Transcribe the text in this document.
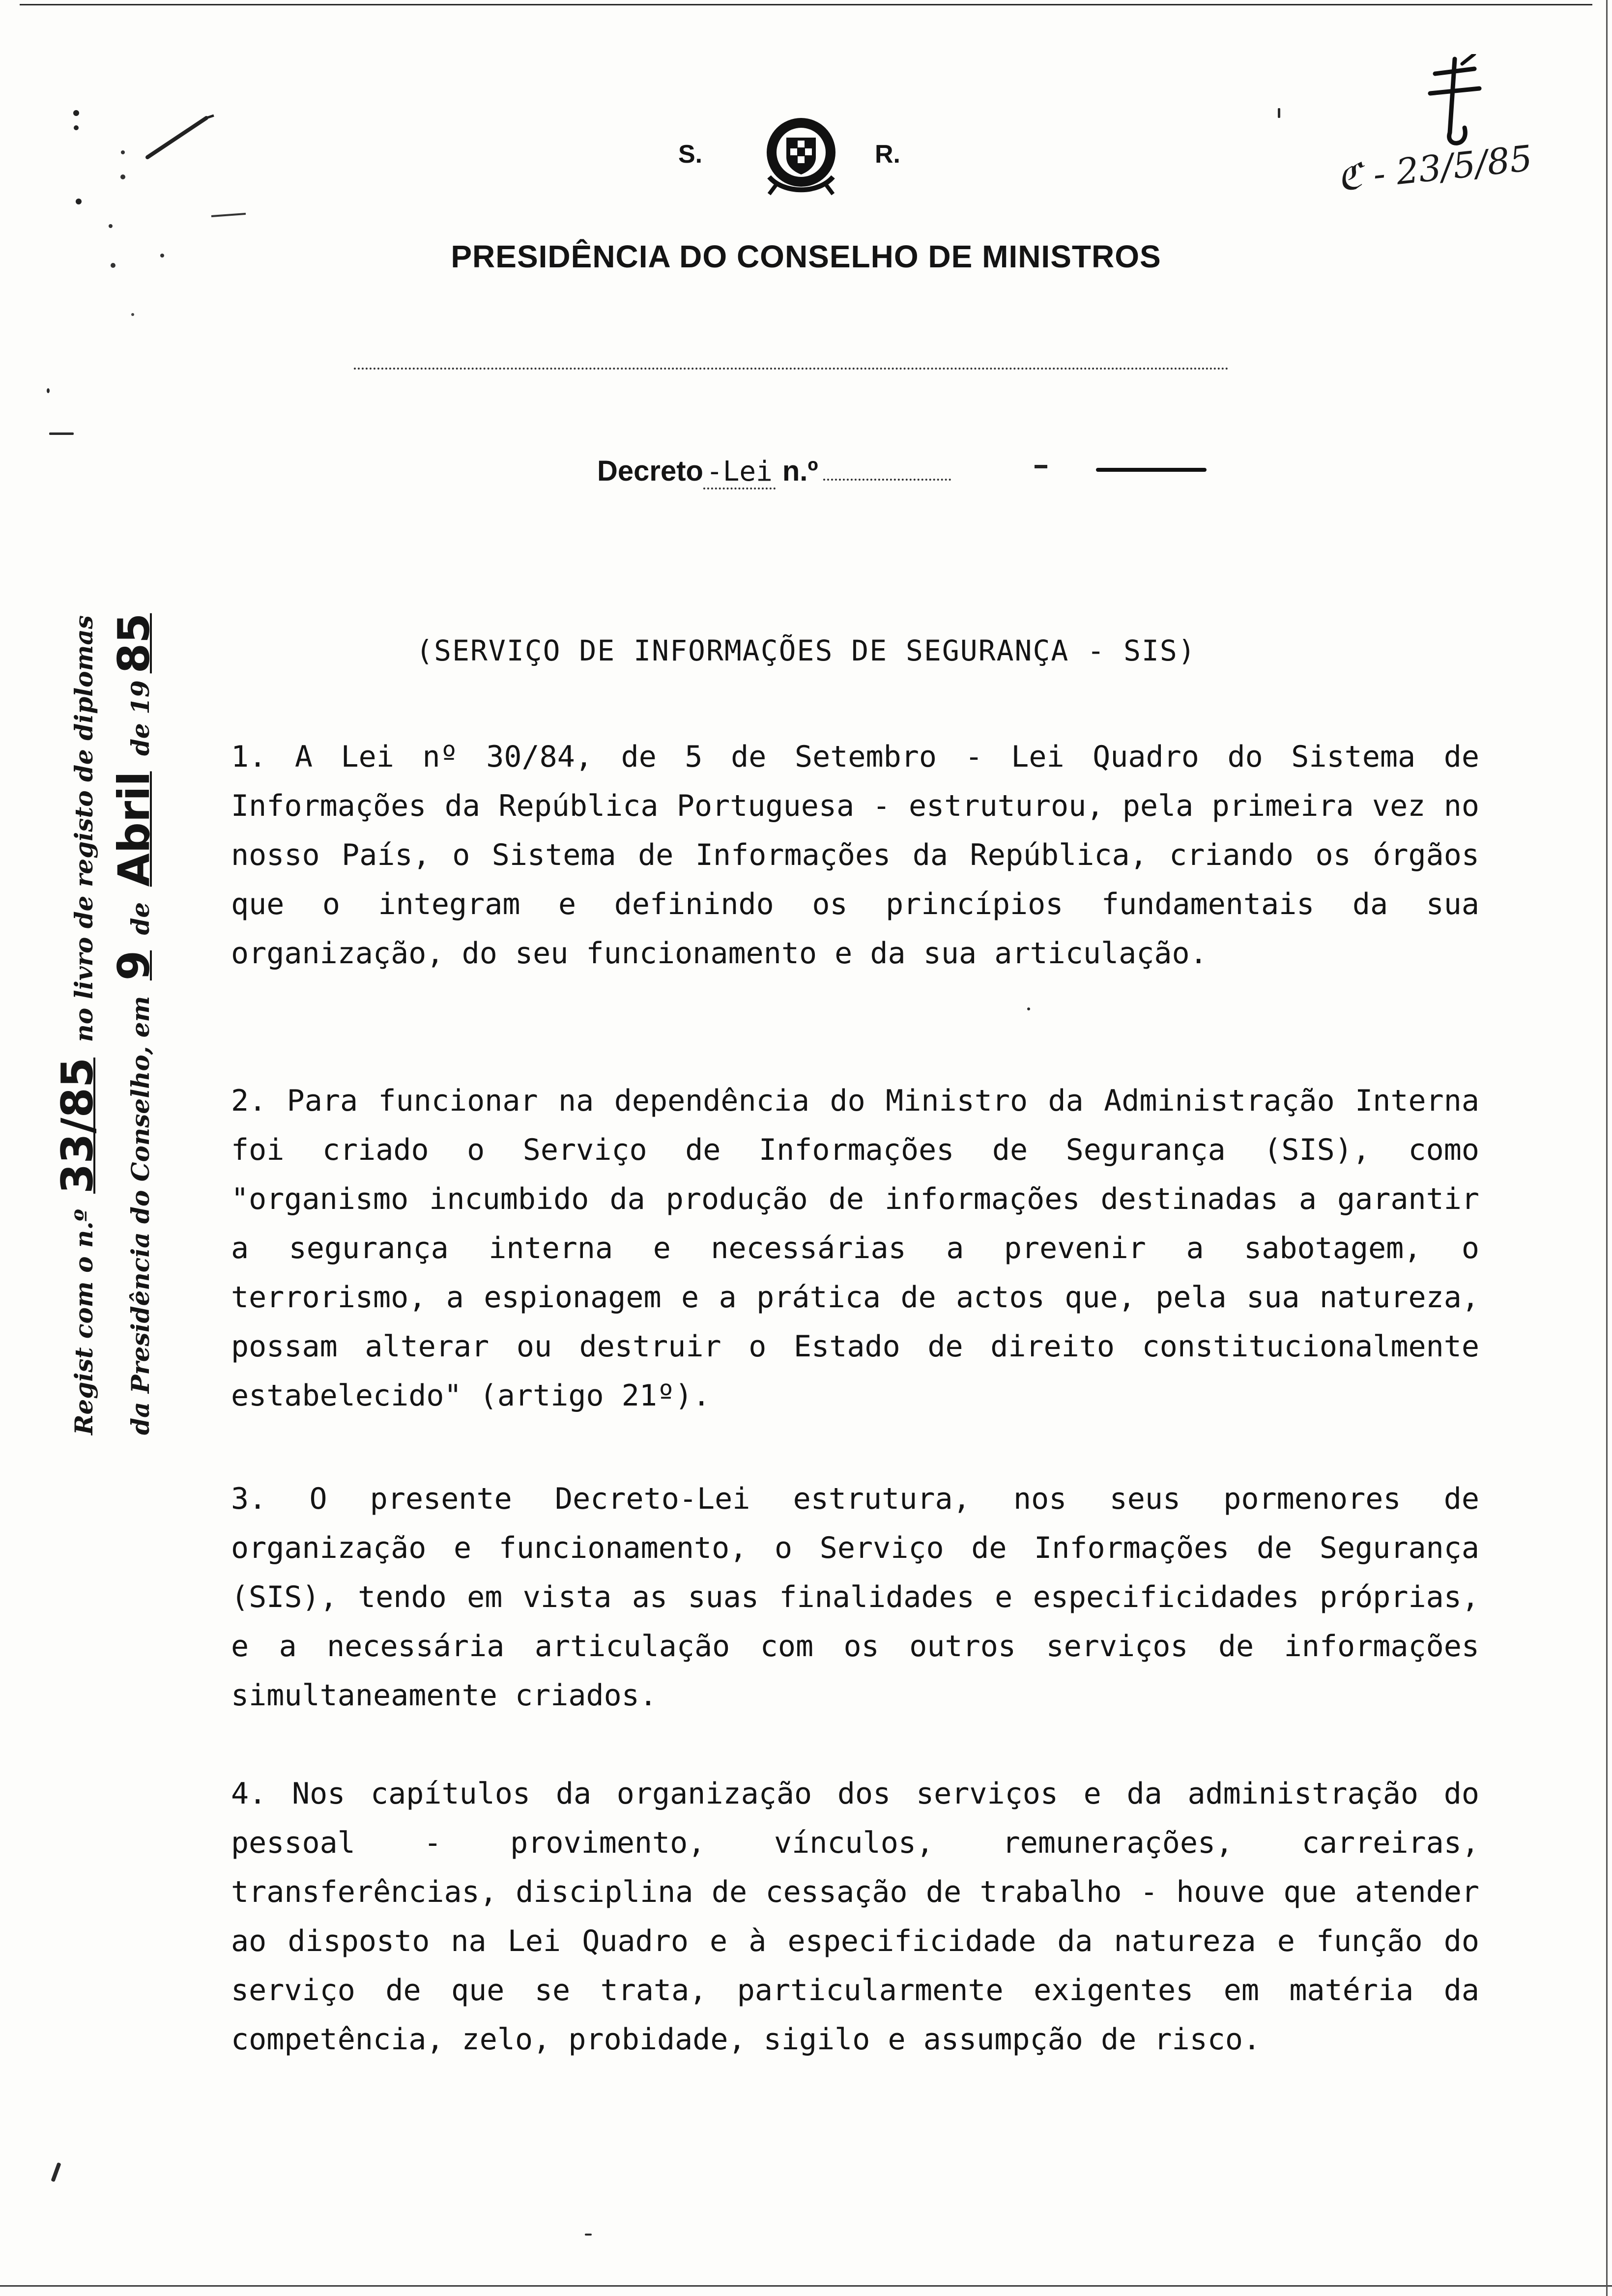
ℭ - 23/5/85
S.	R.
PRESIDÊNCIA DO CONSELHO DE MINISTROS
Decreto -Lei n.º
(SERVIÇO DE INFORMAÇÕES DE SEGURANÇA - SIS)

1. A Lei nº 30/84, de 5 de Setembro - Lei Quadro do Sistema de Informações da República Portuguesa - estruturou, pela primeira vez no nosso País, o Sistema de Informações da República, criando os órgãos que o integram e definindo os princípios fundamentais da sua organização, do seu funcionamento e da sua articulação.

2. Para funcionar na dependência do Ministro da Administração Interna foi criado o Serviço de Informações de Segurança (SIS), como "organismo incumbido da produção de informações destinadas a garantir a segurança interna e necessárias a prevenir a sabotagem, o terrorismo, a espionagem e a prática de actos que, pela sua natureza, possam alterar ou destruir o Estado de direito constitucionalmente estabelecido" (artigo 21º).

3. O presente Decreto-Lei estrutura, nos seus pormenores de organização e funcionamento, o Serviço de Informações de Segurança (SIS), tendo em vista as suas finalidades e especificidades próprias, e a necessária articulação com os outros serviços de informações simultaneamente criados.

4. Nos capítulos da organização dos serviços e da administração do pessoal - provimento, vínculos, remunerações, carreiras, transferências, disciplina de cessação de trabalho - houve que atender ao disposto na Lei Quadro e à especificidade da natureza e função do serviço de que se trata, particularmente exigentes em matéria da competência, zelo, probidade, sigilo e assumpção de risco.

Regist com o n.º 33/85 no livro de registo de diplomas
da Presidência do Conselho, em 9 de Abril de 1985
